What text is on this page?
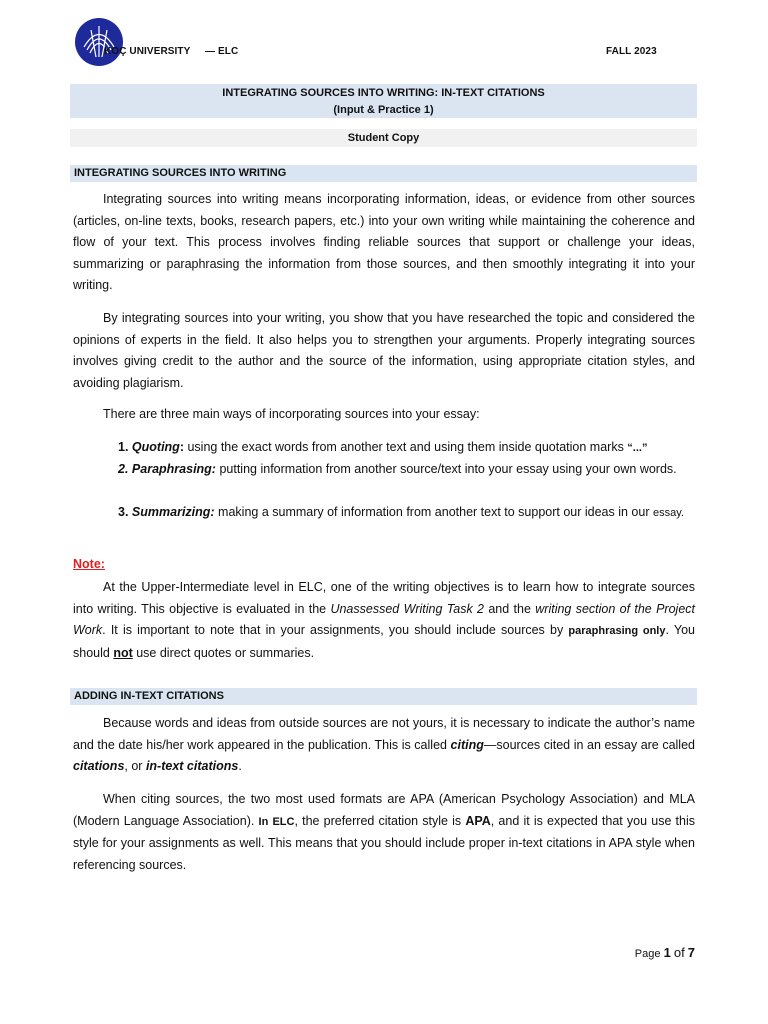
KOÇ UNIVERSITY — ELC	FALL 2023
INTEGRATING SOURCES INTO WRITING: IN-TEXT CITATIONS
(Input & Practice 1)
Student Copy
INTEGRATING SOURCES INTO WRITING

Integrating sources into writing means incorporating information, ideas, or evidence from other sources (articles, on-line texts, books, research papers, etc.) into your own writing while maintaining the coherence and flow of your text. This process involves finding reliable sources that support or challenge your ideas, summarizing or paraphrasing the information from those sources, and then smoothly integrating it into your writing.

By integrating sources into your writing, you show that you have researched the topic and considered the opinions of experts in the field. It also helps you to strengthen your arguments. Properly integrating sources involves giving credit to the author and the source of the information, using appropriate citation styles, and avoiding plagiarism.

There are three main ways of incorporating sources into your essay:

1. Quoting: using the exact words from another text and using them inside quotation marks “...”
2. Paraphrasing: putting information from another source/text into your essay using your own words.
3. Summarizing: making a summary of information from another text to support our ideas in our essay.
Note:

At the Upper-Intermediate level in ELC, one of the writing objectives is to learn how to integrate sources into writing. This objective is evaluated in the Unassessed Writing Task 2 and the writing section of the Project Work. It is important to note that in your assignments, you should include sources by paraphrasing only. You should not use direct quotes or summaries.

ADDING IN-TEXT CITATIONS

Because words and ideas from outside sources are not yours, it is necessary to indicate the author’s name and the date his/her work appeared in the publication. This is called citing—sources cited in an essay are called citations, or in-text citations.

When citing sources, the two most used formats are APA (American Psychology Association) and MLA (Modern Language Association). In ELC, the preferred citation style is APA, and it is expected that you use this style for your assignments as well. This means that you should include proper in-text citations in APA style when referencing sources.

Page 1 of 7
